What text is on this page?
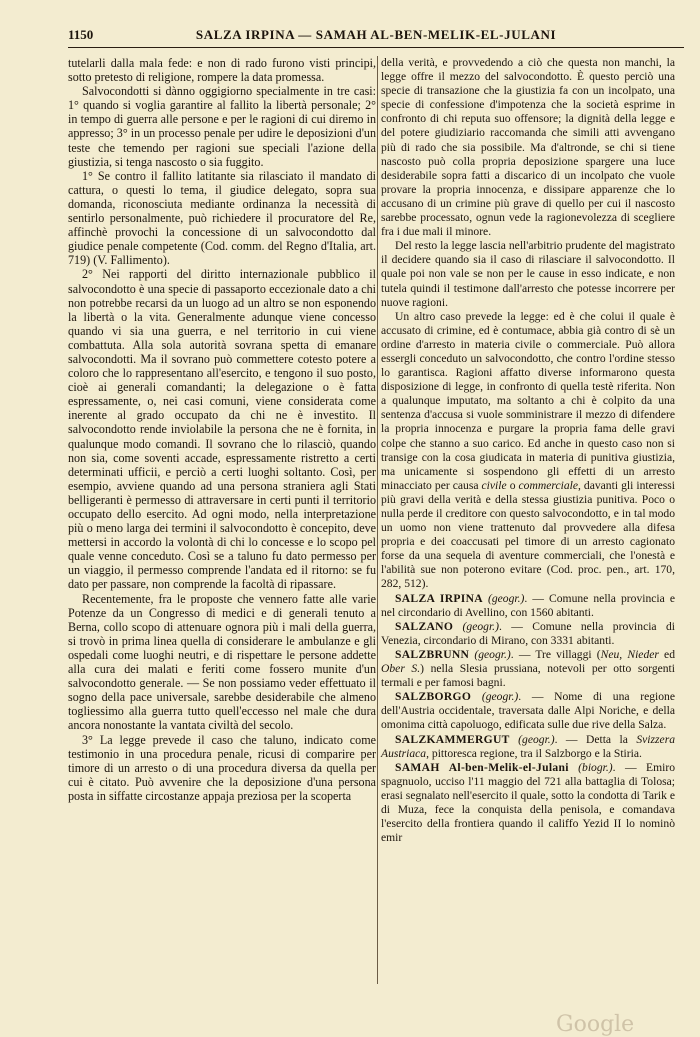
1150	SALZA IRPINA — SAMAH AL-BEN-MELIK-EL-JULANI

tutelarli dalla mala fede: e non di rado furono visti principi, sotto pretesto di religione, rompere la data promessa.

Salvocondotti si dànno oggigiorno specialmente in tre casi: 1° quando si voglia garantire al fallito la libertà personale; 2° in tempo di guerra alle persone e per le ragioni di cui diremo in appresso; 3° in un processo penale per udire le deposizioni d'un teste che temendo per ragioni sue speciali l'azione della giustizia, si tenga nascosto o sia fuggito.

1° Se contro il fallito latitante sia rilasciato il mandato di cattura, o questi lo tema, il giudice delegato, sopra sua domanda, riconosciuta mediante ordinanza la necessità di sentirlo personalmente, può richiedere il procuratore del Re, affinchè provochi la concessione di un salvocondotto dal giudice penale competente (Cod. comm. del Regno d'Italia, art. 719) (V. Fallimento).

2° Nei rapporti del diritto internazionale pubblico il salvocondotto è una specie di passaporto eccezionale dato a chi non potrebbe recarsi da un luogo ad un altro se non esponendo la libertà o la vita. Generalmente adunque viene concesso quando vi sia una guerra, e nel territorio in cui viene combattuta. Alla sola autorità sovrana spetta di emanare salvocondotti. Ma il sovrano può commettere cotesto potere a coloro che lo rappresentano all'esercito, e tengono il suo posto, cioè ai generali comandanti; la delegazione o è fatta espressamente, o, nei casi comuni, viene considerata come inerente al grado occupato da chi ne è investito. Il salvocondotto rende inviolabile la persona che ne è fornita, in qualunque modo comandi. Il sovrano che lo rilasciò, quando non sia, come soventi accade, espressamente ristretto a certi determinati ufficii, e perciò a certi luoghi soltanto. Così, per esempio, avviene quando ad una persona straniera agli Stati belligeranti è permesso di attraversare in certi punti il territorio occupato dello esercito. Ad ogni modo, nella interpretazione più o meno larga dei termini il salvocondotto è concepito, deve mettersi in accordo la volontà di chi lo concesse e lo scopo pel quale venne conceduto. Così se a taluno fu dato permesso per un viaggio, il permesso comprende l'andata ed il ritorno: se fu dato per passare, non comprende la facoltà di ripassare.

Recentemente, fra le proposte che vennero fatte alle varie Potenze da un Congresso di medici e di generali tenuto a Berna, collo scopo di attenuare ognora più i mali della guerra, si trovò in prima linea quella di considerare le ambulanze e gli ospedali come luoghi neutri, e di rispettare le persone addette alla cura dei malati e feriti come fossero munite d'un salvocondotto generale. — Se non possiamo veder effettuato il sogno della pace universale, sarebbe desiderabile che almeno togliessimo alla guerra tutto quell'eccesso nel male che dura ancora nonostante la vantata civiltà del secolo.

3° La legge prevede il caso che taluno, indicato come testimonio in una procedura penale, ricusi di comparire per timore di un arresto o di una procedura diversa da quella per cui è citato. Può avvenire che la deposizione d'una persona posta in siffatte circostanze appaja preziosa per la scoperta

della verità, e provvedendo a ciò che questa non manchi, la legge offre il mezzo del salvocondotto. È questo perciò una specie di transazione che la giustizia fa con un incolpato, una specie di confessione d'impotenza che la società esprime in confronto di chi reputa suo offensore; la dignità della legge e del potere giudiziario raccomanda che simili atti avvengano più di rado che sia possibile. Ma d'altronde, se chi si tiene nascosto può colla propria deposizione spargere una luce desiderabile sopra fatti a discarico di un incolpato che vuole provare la propria innocenza, e dissipare apparenze che lo accusano di un crimine più grave di quello per cui il nascosto sarebbe processato, ognun vede la ragionevolezza di scegliere fra i due mali il minore.

Del resto la legge lascia nell'arbitrio prudente del magistrato il decidere quando sia il caso di rilasciare il salvocondotto. Il quale poi non vale se non per le cause in esso indicate, e non tutela quindi il testimone dall'arresto che potesse incorrere per nuove ragioni.

Un altro caso prevede la legge: ed è che colui il quale è accusato di crimine, ed è contumace, abbia già contro di sè un ordine d'arresto in materia civile o commerciale. Può allora essergli conceduto un salvocondotto, che contro l'ordine stesso lo garantisca. Ragioni affatto diverse informarono questa disposizione di legge, in confronto di quella testè riferita. Non a qualunque imputato, ma soltanto a chi è colpito da una sentenza d'accusa si vuole somministrare il mezzo di difendere la propria innocenza e purgare la propria fama delle gravi colpe che stanno a suo carico. Ed anche in questo caso non si transige con la cosa giudicata in materia di punitiva giustizia, ma unicamente si sospendono gli effetti di un arresto minacciato per causa civile o commerciale, davanti gli interessi più gravi della verità e della stessa giustizia punitiva. Poco o nulla perde il creditore con questo salvocondotto, e in tal modo un uomo non viene trattenuto dal provvedere alla difesa propria e dei coaccusati pel timore di un arresto cagionato forse da una sequela di aventure commerciali, che l'onestà e l'abilità sue non poterono evitare (Cod. proc. pen., art. 170, 282, 512).

SALZA IRPINA (geogr.). — Comune nella provincia e nel circondario di Avellino, con 1560 abitanti.

SALZANO (geogr.). — Comune nella provincia di Venezia, circondario di Mirano, con 3331 abitanti.

SALZBRUNN (geogr.). — Tre villaggi (Neu, Nieder ed Ober S.) nella Slesia prussiana, notevoli per otto sorgenti termali e per famosi bagni.

SALZBORGO (geogr.). — Nome di una regione dell'Austria occidentale, traversata dalle Alpi Noriche, e della omonima città capoluogo, edificata sulle due rive della Salza.

SALZKAMMERGUT (geogr.). — Detta la Svizzera Austriaca, pittoresca regione, tra il Salzborgo e la Stiria.

SAMAH Al-ben-Melik-el-Julani (biogr.). — Emiro spagnuolo, ucciso l'11 maggio del 721 alla battaglia di Tolosa; erasi segnalato nell'esercito il quale, sotto la condotta di Tarik e di Muza, fece la conquista della penisola, e comandava l'esercito della frontiera quando il califfo Yezid II lo nominò emir

Google
